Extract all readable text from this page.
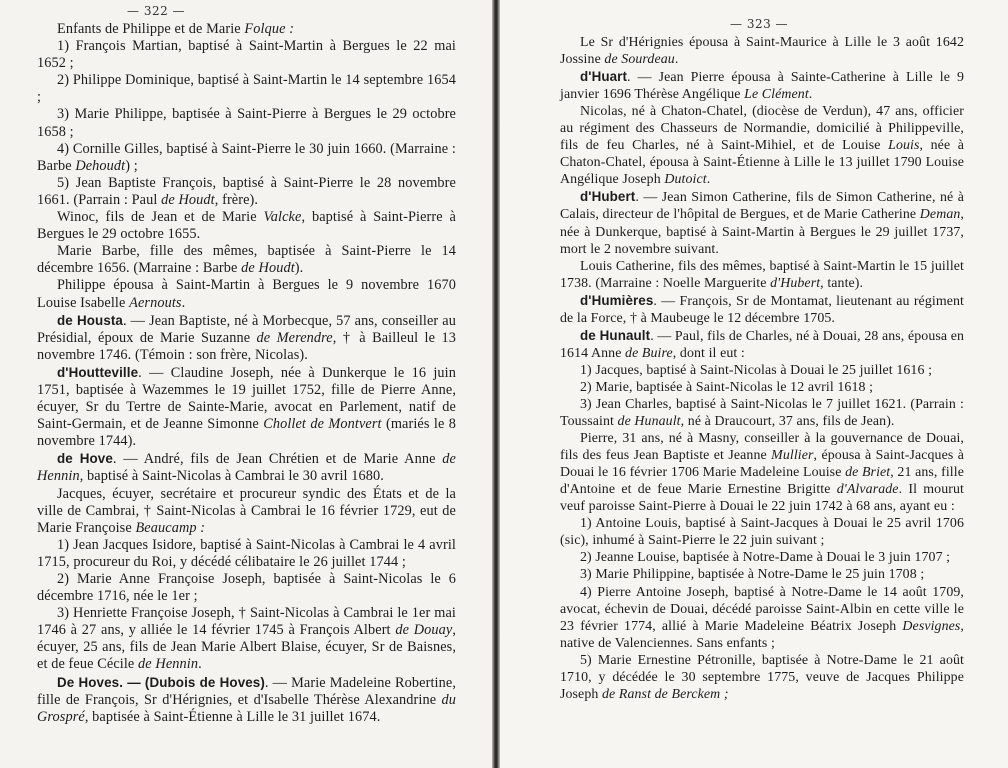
— 322 —

Enfants de Philippe et de Marie Folque :

1) François Martian, baptisé à Saint-Martin à Bergues le 22 mai 1652 ;

2) Philippe Dominique, baptisé à Saint-Martin le 14 septembre 1654 ;

3) Marie Philippe, baptisée à Saint-Pierre à Bergues le 29 octobre 1658 ;

4) Cornille Gilles, baptisé à Saint-Pierre le 30 juin 1660. (Marraine : Barbe Dehoudt) ;

5) Jean Baptiste François, baptisé à Saint-Pierre le 28 novembre 1661. (Parrain : Paul de Houdt, frère).

Winoc, fils de Jean et de Marie Valcke, baptisé à Saint-Pierre à Bergues le 29 octobre 1655.

Marie Barbe, fille des mêmes, baptisée à Saint-Pierre le 14 décembre 1656. (Marraine : Barbe de Houdt).

Philippe épousa à Saint-Martin à Bergues le 9 novembre 1670 Louise Isabelle Aernouts.

de Housta. — Jean Baptiste, né à Morbecque, 57 ans, conseiller au Présidial, époux de Marie Suzanne de Merendre, † à Bailleul le 13 novembre 1746. (Témoin : son frère, Nicolas).

d'Houtteville. — Claudine Joseph, née à Dunkerque le 16 juin 1751, baptisée à Wazemmes le 19 juillet 1752, fille de Pierre Anne, écuyer, Sr du Tertre de Sainte-Marie, avocat en Parlement, natif de Saint-Germain, et de Jeanne Simonne Chollet de Montvert (mariés le 8 novembre 1744).

de Hove. — André, fils de Jean Chrétien et de Marie Anne de Hennin, baptisé à Saint-Nicolas à Cambrai le 30 avril 1680.

Jacques, écuyer, secrétaire et procureur syndic des États et de la ville de Cambrai, † Saint-Nicolas à Cambrai le 16 février 1729, eut de Marie Françoise Beaucamp :

1) Jean Jacques Isidore, baptisé à Saint-Nicolas à Cambrai le 4 avril 1715, procureur du Roi, y décédé célibataire le 26 juillet 1744 ;

2) Marie Anne Françoise Joseph, baptisée à Saint-Nicolas le 6 décembre 1716, née le 1er ;

3) Henriette Françoise Joseph, † Saint-Nicolas à Cambrai le 1er mai 1746 à 27 ans, y alliée le 14 février 1745 à François Albert de Douay, écuyer, 25 ans, fils de Jean Marie Albert Blaise, écuyer, Sr de Baisnes, et de feue Cécile de Hennin.

De Hoves. — (Dubois de Hoves). — Marie Madeleine Robertine, fille de François, Sr d'Hérignies, et d'Isabelle Thérèse Alexandrine du Grospré, baptisée à Saint-Étienne à Lille le 31 juillet 1674.

— 323 —

Le Sr d'Hérignies épousa à Saint-Maurice à Lille le 3 août 1642 Jossine de Sourdeau.

d'Huart. — Jean Pierre épousa à Sainte-Catherine à Lille le 9 janvier 1696 Thérèse Angélique Le Clément.

Nicolas, né à Chaton-Chatel, (diocèse de Verdun), 47 ans, officier au régiment des Chasseurs de Normandie, domicilié à Philippeville, fils de feu Charles, né à Saint-Mihiel, et de Louise Louis, née à Chaton-Chatel, épousa à Saint-Étienne à Lille le 13 juillet 1790 Louise Angélique Joseph Dutoict.

d'Hubert. — Jean Simon Catherine, fils de Simon Catherine, né à Calais, directeur de l'hôpital de Bergues, et de Marie Catherine Deman, née à Dunkerque, baptisé à Saint-Martin à Bergues le 29 juillet 1737, mort le 2 novembre suivant.

Louis Catherine, fils des mêmes, baptisé à Saint-Martin le 15 juillet 1738. (Marraine : Noelle Marguerite d'Hubert, tante).

d'Humières. — François, Sr de Montamat, lieutenant au régiment de la Force, † à Maubeuge le 12 décembre 1705.

de Hunault. — Paul, fils de Charles, né à Douai, 28 ans, épousa en 1614 Anne de Buire, dont il eut :

1) Jacques, baptisé à Saint-Nicolas à Douai le 25 juillet 1616 ;

2) Marie, baptisée à Saint-Nicolas le 12 avril 1618 ;

3) Jean Charles, baptisé à Saint-Nicolas le 7 juillet 1621. (Parrain : Toussaint de Hunault, né à Draucourt, 37 ans, fils de Jean).

Pierre, 31 ans, né à Masny, conseiller à la gouvernance de Douai, fils des feus Jean Baptiste et Jeanne Mullier, épousa à Saint-Jacques à Douai le 16 février 1706 Marie Madeleine Louise de Briet, 21 ans, fille d'Antoine et de feue Marie Ernestine Brigitte d'Alvarade. Il mourut veuf paroisse Saint-Pierre à Douai le 22 juin 1742 à 68 ans, ayant eu :

1) Antoine Louis, baptisé à Saint-Jacques à Douai le 25 avril 1706 (sic), inhumé à Saint-Pierre le 22 juin suivant ;

2) Jeanne Louise, baptisée à Notre-Dame à Douai le 3 juin 1707 ;

3) Marie Philippine, baptisée à Notre-Dame le 25 juin 1708 ;

4) Pierre Antoine Joseph, baptisé à Notre-Dame le 14 août 1709, avocat, échevin de Douai, décédé paroisse Saint-Albin en cette ville le 23 février 1774, allié à Marie Madeleine Béatrix Joseph Desvignes, native de Valenciennes. Sans enfants ;

5) Marie Ernestine Pétronille, baptisée à Notre-Dame le 21 août 1710, y décédée le 30 septembre 1775, veuve de Jacques Philippe Joseph de Ranst de Berckem ;
